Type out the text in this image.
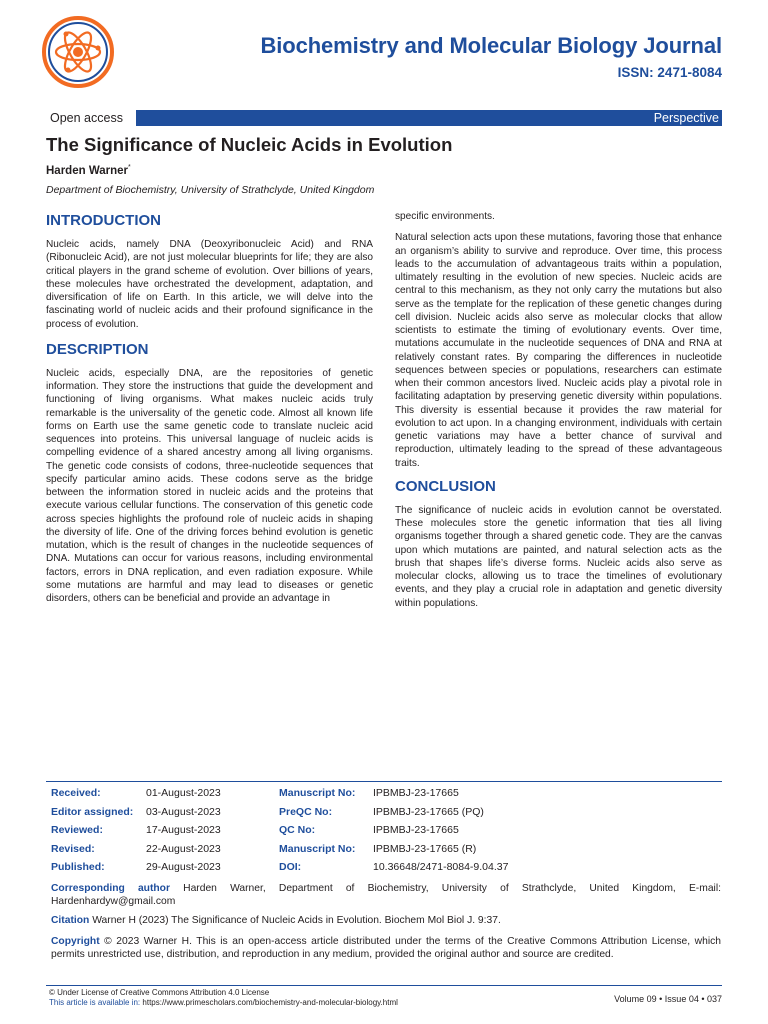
Biochemistry and Molecular Biology Journal
ISSN: 2471-8084
Open access	Perspective
The Significance of Nucleic Acids in Evolution
Harden Warner*
Department of Biochemistry, University of Strathclyde, United Kingdom
INTRODUCTION

Nucleic acids, namely DNA (Deoxyribonucleic Acid) and RNA (Ribonucleic Acid), are not just molecular blueprints for life; they are also critical players in the grand scheme of evolution. Over billions of years, these molecules have orchestrated the development, adaptation, and diversification of life on Earth. In this article, we will delve into the fascinating world of nucleic acids and their profound significance in the process of evolution.

DESCRIPTION

Nucleic acids, especially DNA, are the repositories of genetic information. They store the instructions that guide the development and functioning of living organisms. What makes nucleic acids truly remarkable is the universality of the genetic code. Almost all known life forms on Earth use the same genetic code to translate nucleic acid sequences into proteins. This universal language of nucleic acids is compelling evidence of a shared ancestry among all living organisms. The genetic code consists of codons, three-nucleotide sequences that specify particular amino acids. These codons serve as the bridge between the information stored in nucleic acids and the proteins that execute various cellular functions. The conservation of this genetic code across species highlights the profound role of nucleic acids in shaping the diversity of life. One of the driving forces behind evolution is genetic mutation, which is the result of changes in the nucleotide sequences of DNA. Mutations can occur for various reasons, including environmental factors, errors in DNA replication, and even radiation exposure. While some mutations are harmful and may lead to diseases or genetic disorders, others can be beneficial and provide an advantage in

specific environments.

Natural selection acts upon these mutations, favoring those that enhance an organism’s ability to survive and reproduce. Over time, this process leads to the accumulation of advantageous traits within a population, ultimately resulting in the evolution of new species. Nucleic acids are central to this mechanism, as they not only carry the mutations but also serve as the template for the replication of these genetic changes during cell division. Nucleic acids also serve as molecular clocks that allow scientists to estimate the timing of evolutionary events. Over time, mutations accumulate in the nucleotide sequences of DNA and RNA at relatively constant rates. By comparing the differences in nucleotide sequences between species or populations, researchers can estimate when their common ancestors lived. Nucleic acids play a pivotal role in facilitating adaptation by preserving genetic diversity within populations. This diversity is essential because it provides the raw material for evolution to act upon. In a changing environment, individuals with certain genetic variations may have a better chance of survival and reproduction, ultimately leading to the spread of these advantageous traits.

CONCLUSION

The significance of nucleic acids in evolution cannot be overstated. These molecules store the genetic information that ties all living organisms together through a shared genetic code. They are the canvas upon which mutations are painted, and natural selection acts as the brush that shapes life’s diverse forms. Nucleic acids also serve as molecular clocks, allowing us to trace the timelines of evolutionary events, and they play a crucial role in adaptation and genetic diversity within populations.

Received:	01-August-2023	Manuscript No:	IPBMBJ-23-17665
Editor assigned:	03-August-2023	PreQC No:	IPBMBJ-23-17665 (PQ)
Reviewed:	17-August-2023	QC No:	IPBMBJ-23-17665
Revised:	22-August-2023	Manuscript No:	IPBMBJ-23-17665 (R)
Published:	29-August-2023	DOI:	10.36648/2471-8084-9.04.37
Corresponding author Harden Warner, Department of Biochemistry, University of Strathclyde, United Kingdom, E-mail: Hardenhardyw@gmail.com
Citation Warner H (2023) The Significance of Nucleic Acids in Evolution. Biochem Mol Biol J. 9:37.
Copyright © 2023 Warner H. This is an open-access article distributed under the terms of the Creative Commons Attribution License, which permits unrestricted use, distribution, and reproduction in any medium, provided the original author and source are credited.
© Under License of Creative Commons Attribution 4.0 License
This article is available in: https://www.primescholars.com/biochemistry-and-molecular-biology.html	Volume 09 • Issue 04 • 037
